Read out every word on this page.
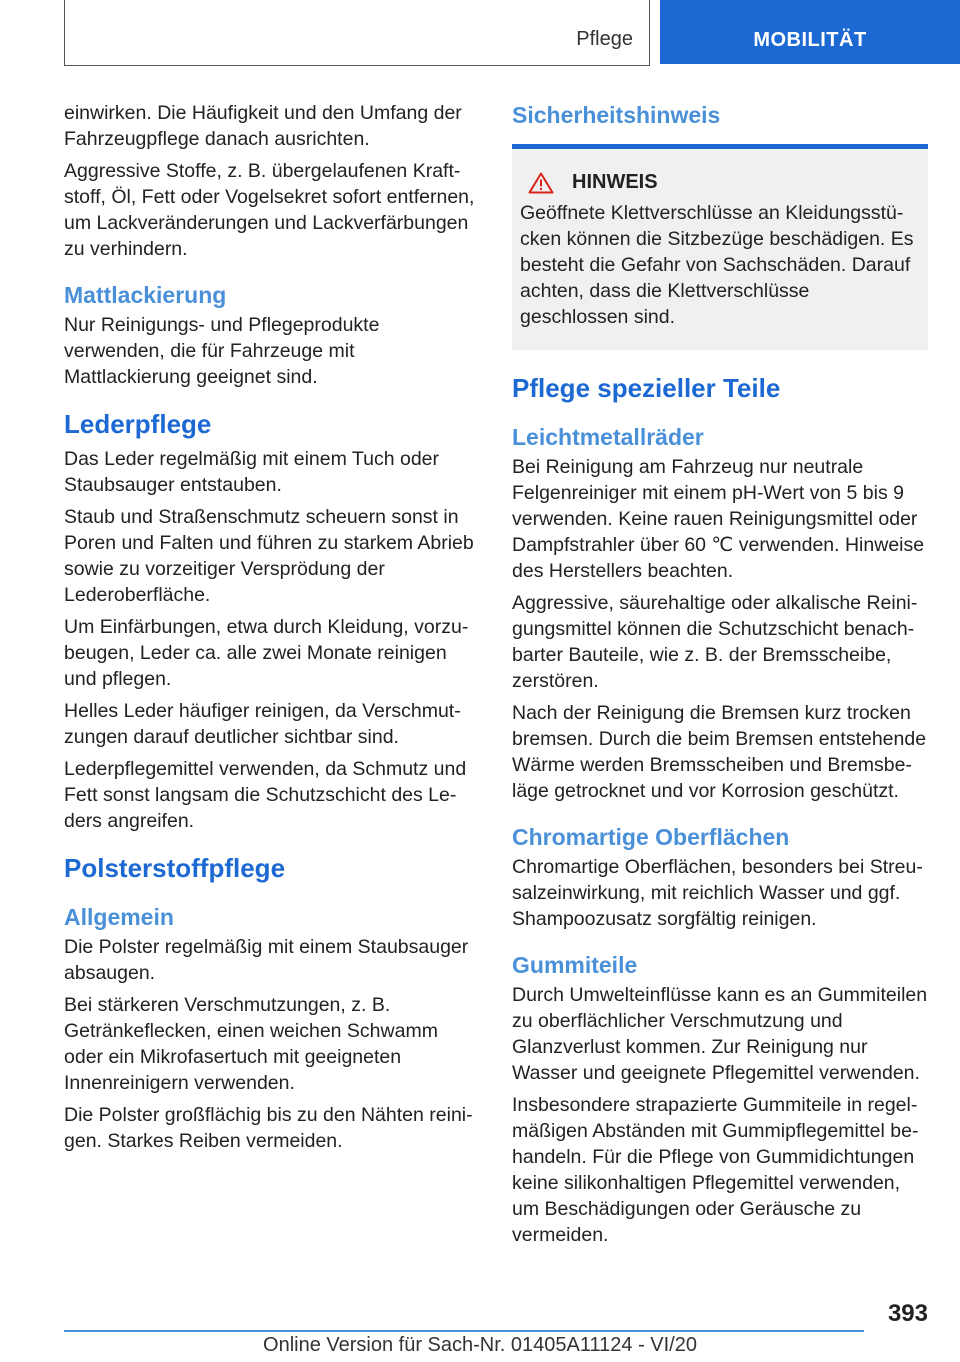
Pflege	MOBILITÄT

einwirken. Die Häufigkeit und den Umfang der Fahrzeugpflege danach ausrichten.

Aggressive Stoffe, z. B. übergelaufenen Kraftstoff, Öl, Fett oder Vogelsekret sofort entfernen, um Lackveränderungen und Lackverfärbungen zu verhindern.

Mattlackierung

Nur Reinigungs- und Pflegeprodukte verwenden, die für Fahrzeuge mit Mattlackierung geeignet sind.

Lederpflege

Das Leder regelmäßig mit einem Tuch oder Staubsauger entstauben.

Staub und Straßenschmutz scheuern sonst in Poren und Falten und führen zu starkem Abrieb sowie zu vorzeitiger Versprödung der Lederoberfläche.

Um Einfärbungen, etwa durch Kleidung, vorzubeugen, Leder ca. alle zwei Monate reinigen und pflegen.

Helles Leder häufiger reinigen, da Verschmutzungen darauf deutlicher sichtbar sind.

Lederpflegemittel verwenden, da Schmutz und Fett sonst langsam die Schutzschicht des Leders angreifen.

Polsterstoffpflege
Allgemein

Die Polster regelmäßig mit einem Staubsauger absaugen.

Bei stärkeren Verschmutzungen, z. B. Getränkeflecken, einen weichen Schwamm oder ein Mikrofasertuch mit geeigneten Innenreinigern verwenden.

Die Polster großflächig bis zu den Nähten reinigen. Starkes Reiben vermeiden.

Sicherheitshinweis
HINWEIS

Geöffnete Klettverschlüsse an Kleidungsstücken können die Sitzbezüge beschädigen. Es besteht die Gefahr von Sachschäden. Darauf achten, dass die Klettverschlüsse geschlossen sind.

Pflege spezieller Teile
Leichtmetallräder

Bei Reinigung am Fahrzeug nur neutrale Felgenreiniger mit einem pH-Wert von 5 bis 9 verwenden. Keine rauen Reinigungsmittel oder Dampfstrahler über 60 ℃ verwenden. Hinweise des Herstellers beachten.

Aggressive, säurehaltige oder alkalische Reinigungsmittel können die Schutzschicht benachbarter Bauteile, wie z. B. der Bremsscheibe, zerstören.

Nach der Reinigung die Bremsen kurz trocken bremsen. Durch die beim Bremsen entstehende Wärme werden Bremsscheiben und Bremsbeläge getrocknet und vor Korrosion geschützt.

Chromartige Oberflächen

Chromartige Oberflächen, besonders bei Streusalzeinwirkung, mit reichlich Wasser und ggf. Shampoozusatz sorgfältig reinigen.

Gummiteile

Durch Umwelteinflüsse kann es an Gummiteilen zu oberflächlicher Verschmutzung und Glanzverlust kommen. Zur Reinigung nur Wasser und geeignete Pflegemittel verwenden.

Insbesondere strapazierte Gummiteile in regelmäßigen Abständen mit Gummipflegemittel behandeln. Für die Pflege von Gummidichtungen keine silikonhaltigen Pflegemittel verwenden, um Beschädigungen oder Geräusche zu vermeiden.

393
Online Version für Sach-Nr. 01405A11124 - VI/20
